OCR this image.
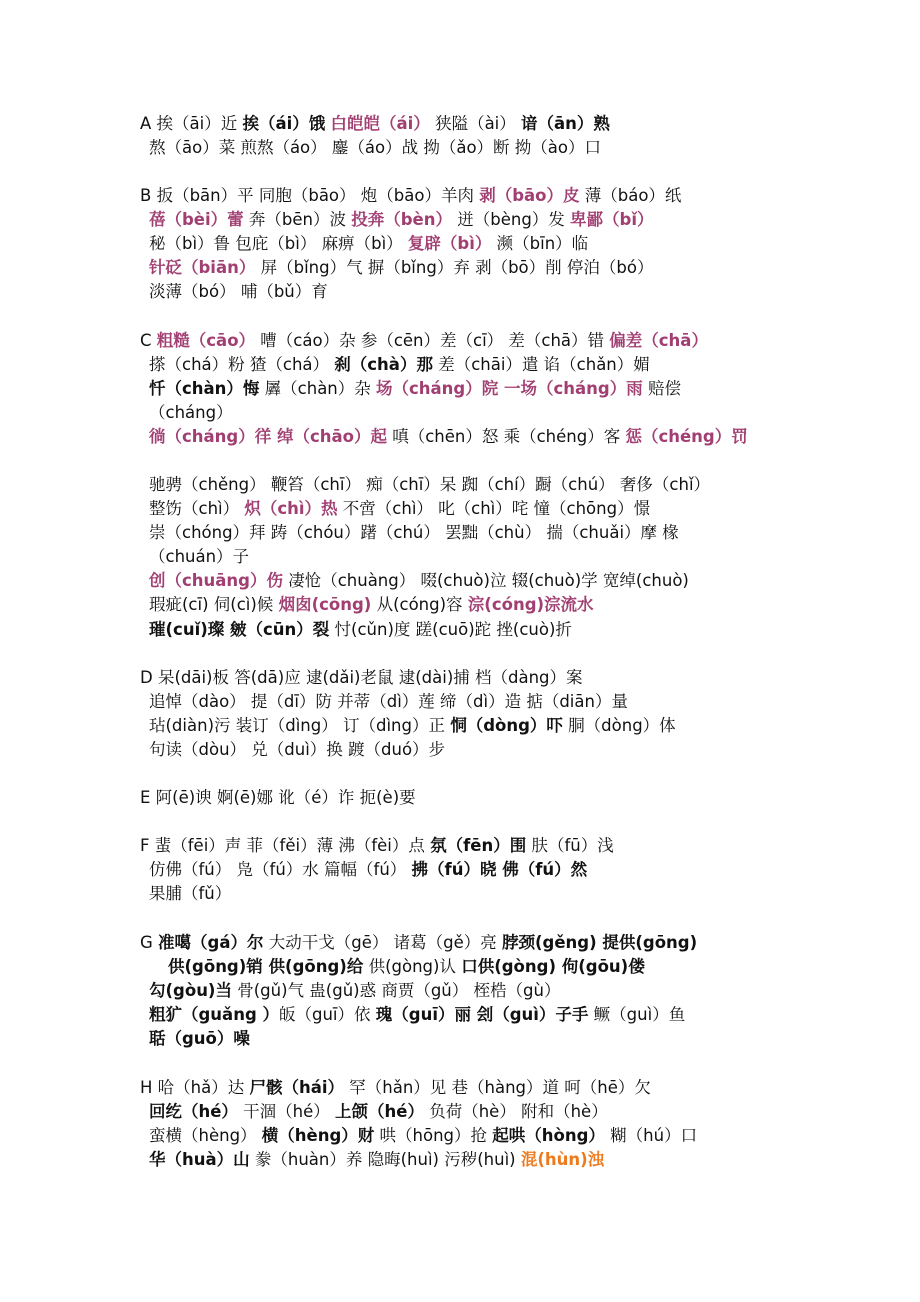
A 挨（āi）近 挨（ái）饿 白皑皑（ái） 狭隘（ài） 谙（ān）熟
熬（āo）菜 煎熬（áo） 鏖（áo）战 拗（ǎo）断 拗（ào）口
B 扳（bān）平 同胞（bāo） 炮（bāo）羊肉 剥（bāo）皮 薄（báo）纸
蓓（bèi）蕾 奔（bēn）波 投奔（bèn） 迸（bèng）发 卑鄙（bǐ）
秘（bì）鲁 包庇（bì） 麻痹（bì） 复辟（bì） 濒（bīn）临
针砭（biān） 屏（bǐng）气 摒（bǐng）弃 剥（bō）削 停泊（bó）
淡薄（bó） 哺（bǔ）育
C 粗糙（cāo） 嘈（cáo）杂 参（cēn）差（cī） 差（chā）错 偏差（chā）
搽（chá）粉 猹（chá） 刹（chà）那 差（chāi）遣 谄（chǎn）媚
忏（chàn）悔 羼（chàn）杂 场（cháng）院 一场（cháng）雨 赔偿
（cháng）
徜（cháng）徉 绰（chāo）起 嗔（chēn）怒 乘（chéng）客 惩（chéng）罚
驰骋（chěng） 鞭笞（chī） 痴（chī）呆 踟（chí）蹰（chú） 奢侈（chǐ）
整饬（chì） 炽（chì）热 不啻（chì） 叱（chì）咤 憧（chōng）憬
崇（chóng）拜 踌（chóu）躇（chú） 罢黜（chù） 揣（chuǎi）摩 椽
（chuán）子
创（chuāng）伤 凄怆（chuàng） 啜(chuò)泣 辍(chuò)学 宽绰(chuò)
瑕疵(cī) 伺(cì)候 烟囱(cōng) 从(cóng)容 淙(cóng)淙流水
璀(cuǐ)璨 皴（cūn）裂 忖(cǔn)度 蹉(cuō)跎 挫(cuò)折
D 呆(dāi)板 答(dā)应 逮(dǎi)老鼠 逮(dài)捕 档（dàng）案
追悼（dào） 提（dī）防 并蒂（dì）莲 缔（dì）造 掂（diān）量
玷(diàn)污 装订（dìng） 订（dìng）正 恫（dòng）吓 胴（dòng）体
句读（dòu） 兑（duì）换 踱（duó）步
E 阿(ē)谀 婀(ē)娜 讹（é）诈 扼(è)要
F 蜚（fēi）声 菲（fěi）薄 沸（fèi）点 氛（fēn）围 肤（fū）浅
仿佛（fú） 凫（fú）水 篇幅（fú） 拂（fú）晓 佛（fú）然
果脯（fǔ）
G 准噶（gá）尔 大动干戈（gē） 诸葛（gě）亮 脖颈(gěng) 提供(gōng)
供(gōng)销 供(gōng)给 供(gòng)认 口供(gòng) 佝(gōu)偻
勾(gòu)当 骨(gǔ)气 蛊(gǔ)惑 商贾（gǔ） 桎梏（gù）
粗犷（guǎng ）皈（guī）依 瑰（guī）丽 刽（guì）子手 鳜（guì）鱼
聒（guō）噪
H 哈（hǎ）达 尸骸（hái） 罕（hǎn）见 巷（hàng）道 呵（hē）欠
回纥（hé） 干涸（hé） 上颌（hé） 负荷（hè） 附和（hè）
蛮横（hèng） 横（hèng）财 哄（hōng）抢 起哄（hòng） 糊（hú）口
华（huà）山 豢（huàn）养 隐晦(huì) 污秽(huì) 混(hùn)浊
